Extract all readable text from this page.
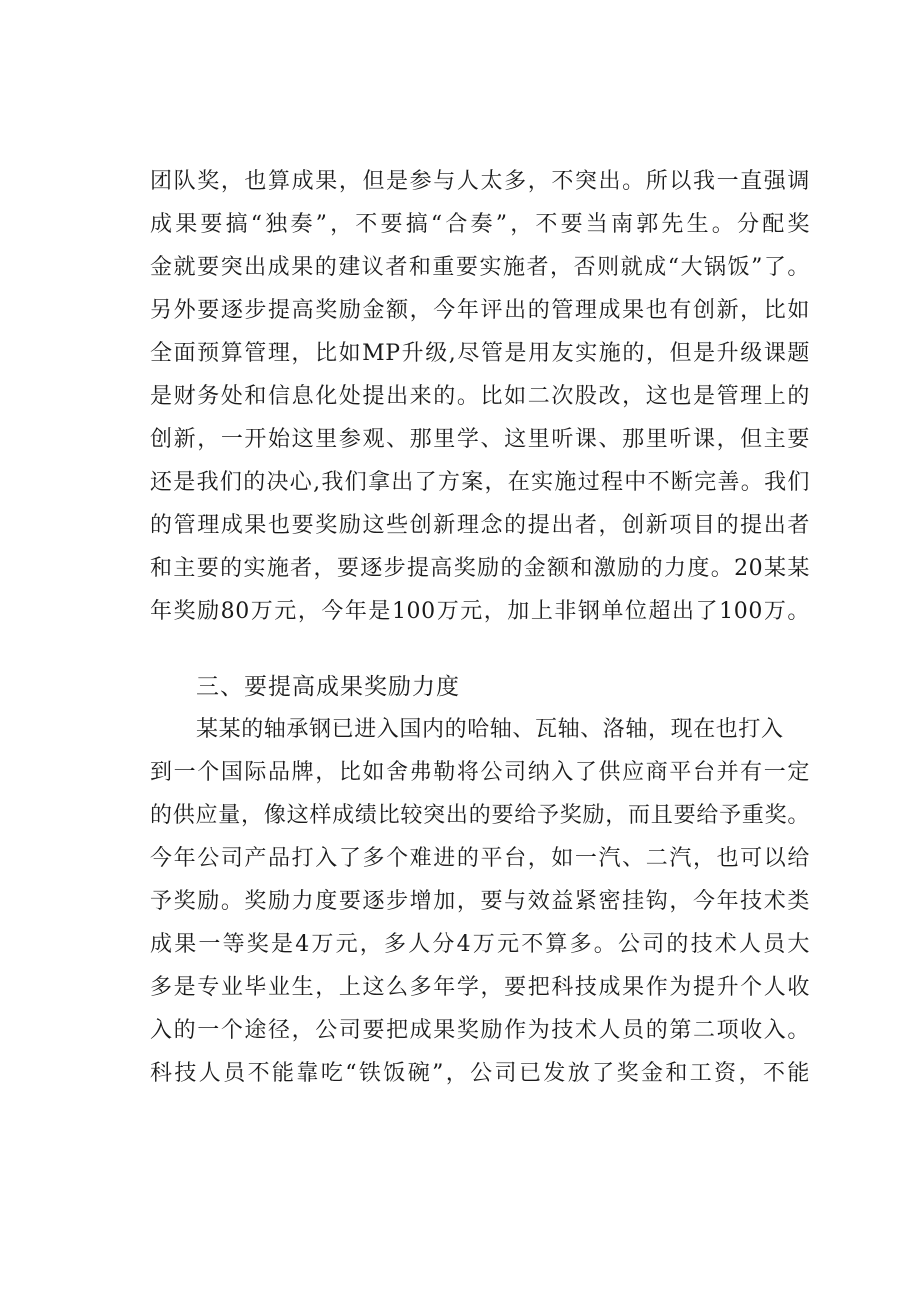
团队奖，也算成果，但是参与人太多，不突出。所以我一直强调
成果要搞“独奏”，不要搞“合奏”，不要当南郭先生。分配奖
金就要突出成果的建议者和重要实施者，否则就成“大锅饭”了。
另外要逐步提高奖励金额，今年评出的管理成果也有创新，比如
全面预算管理，比如MP升级,尽管是用友实施的，但是升级课题
是财务处和信息化处提出来的。比如二次股改，这也是管理上的
创新，一开始这里参观、那里学、这里听课、那里听课，但主要
还是我们的决心,我们拿出了方案，在实施过程中不断完善。我们
的管理成果也要奖励这些创新理念的提出者，创新项目的提出者
和主要的实施者，要逐步提高奖励的金额和激励的力度。20某某
年奖励80万元，今年是100万元，加上非钢单位超出了100万。
三、要提高成果奖励力度
某某的轴承钢已进入国内的哈轴、瓦轴、洛轴，现在也打入
到一个国际品牌，比如舍弗勒将公司纳入了供应商平台并有一定
的供应量，像这样成绩比较突出的要给予奖励，而且要给予重奖。
今年公司产品打入了多个难进的平台，如一汽、二汽，也可以给
予奖励。奖励力度要逐步增加，要与效益紧密挂钩，今年技术类
成果一等奖是4万元，多人分4万元不算多。公司的技术人员大
多是专业毕业生，上这么多年学，要把科技成果作为提升个人收
入的一个途径，公司要把成果奖励作为技术人员的第二项收入。
科技人员不能靠吃“铁饭碗”，公司已发放了奖金和工资，不能
